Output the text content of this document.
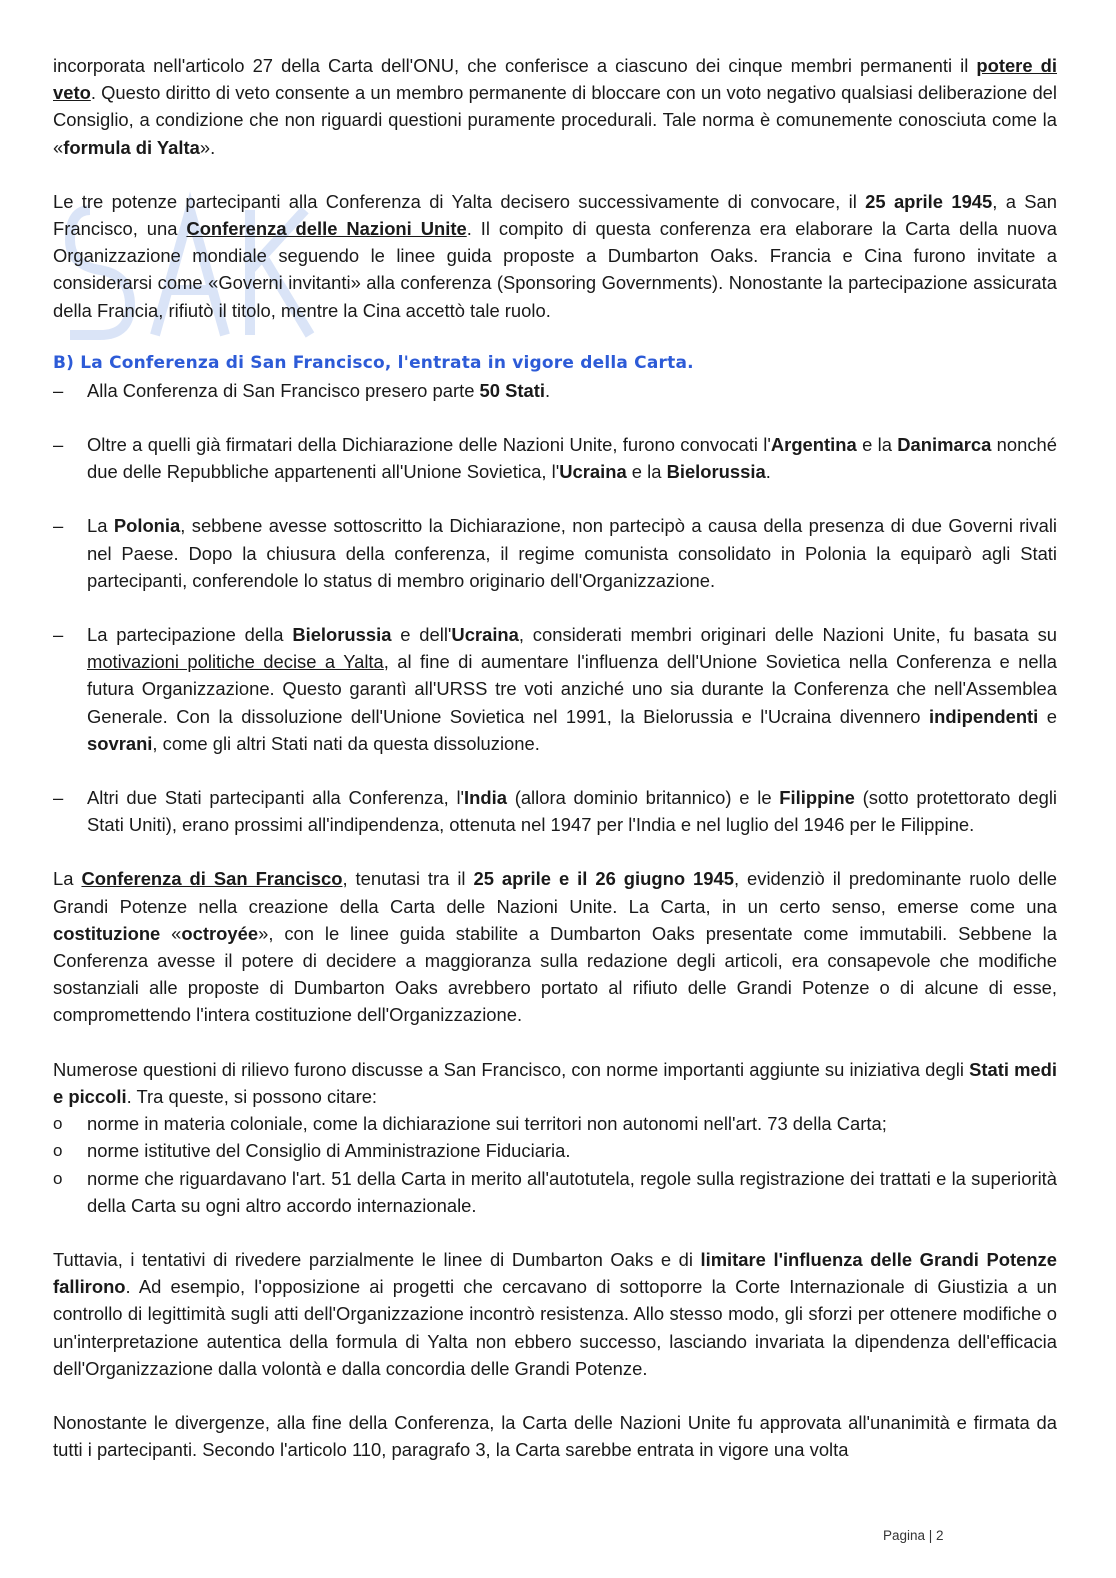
incorporata nell'articolo 27 della Carta dell'ONU, che conferisce a ciascuno dei cinque membri permanenti il potere di veto. Questo diritto di veto consente a un membro permanente di bloccare con un voto negativo qualsiasi deliberazione del Consiglio, a condizione che non riguardi questioni puramente procedurali. Tale norma è comunemente conosciuta come la «formula di Yalta».

Le tre potenze partecipanti alla Conferenza di Yalta decisero successivamente di convocare, il 25 aprile 1945, a San Francisco, una Conferenza delle Nazioni Unite. Il compito di questa conferenza era elaborare la Carta della nuova Organizzazione mondiale seguendo le linee guida proposte a Dumbarton Oaks. Francia e Cina furono invitate a considerarsi come «Governi invitanti» alla conferenza (Sponsoring Governments). Nonostante la partecipazione assicurata della Francia, rifiutò il titolo, mentre la Cina accettò tale ruolo.

B) La Conferenza di San Francisco, l'entrata in vigore della Carta.
– Alla Conferenza di San Francisco presero parte 50 Stati.
– Oltre a quelli già firmatari della Dichiarazione delle Nazioni Unite, furono convocati l'Argentina e la Danimarca nonché due delle Repubbliche appartenenti all'Unione Sovietica, l'Ucraina e la Bielorussia.
– La Polonia, sebbene avesse sottoscritto la Dichiarazione, non partecipò a causa della presenza di due Governi rivali nel Paese. Dopo la chiusura della conferenza, il regime comunista consolidato in Polonia la equiparò agli Stati partecipanti, conferendole lo status di membro originario dell'Organizzazione.
– La partecipazione della Bielorussia e dell'Ucraina, considerati membri originari delle Nazioni Unite, fu basata su motivazioni politiche decise a Yalta, al fine di aumentare l'influenza dell'Unione Sovietica nella Conferenza e nella futura Organizzazione. Questo garantì all'URSS tre voti anziché uno sia durante la Conferenza che nell'Assemblea Generale. Con la dissoluzione dell'Unione Sovietica nel 1991, la Bielorussia e l'Ucraina divennero indipendenti e sovrani, come gli altri Stati nati da questa dissoluzione.
– Altri due Stati partecipanti alla Conferenza, l'India (allora dominio britannico) e le Filippine (sotto protettorato degli Stati Uniti), erano prossimi all'indipendenza, ottenuta nel 1947 per l'India e nel luglio del 1946 per le Filippine.

La Conferenza di San Francisco, tenutasi tra il 25 aprile e il 26 giugno 1945, evidenziò il predominante ruolo delle Grandi Potenze nella creazione della Carta delle Nazioni Unite. La Carta, in un certo senso, emerse come una costituzione «octroyée», con le linee guida stabilite a Dumbarton Oaks presentate come immutabili. Sebbene la Conferenza avesse il potere di decidere a maggioranza sulla redazione degli articoli, era consapevole che modifiche sostanziali alle proposte di Dumbarton Oaks avrebbero portato al rifiuto delle Grandi Potenze o di alcune di esse, compromettendo l'intera costituzione dell'Organizzazione.

Numerose questioni di rilievo furono discusse a San Francisco, con norme importanti aggiunte su iniziativa degli Stati medi e piccoli. Tra queste, si possono citare:

o norme in materia coloniale, come la dichiarazione sui territori non autonomi nell'art. 73 della Carta;
o norme istitutive del Consiglio di Amministrazione Fiduciaria.
o norme che riguardavano l'art. 51 della Carta in merito all'autotutela, regole sulla registrazione dei trattati e la superiorità della Carta su ogni altro accordo internazionale.

Tuttavia, i tentativi di rivedere parzialmente le linee di Dumbarton Oaks e di limitare l'influenza delle Grandi Potenze fallirono. Ad esempio, l'opposizione ai progetti che cercavano di sottoporre la Corte Internazionale di Giustizia a un controllo di legittimità sugli atti dell'Organizzazione incontrò resistenza. Allo stesso modo, gli sforzi per ottenere modifiche o un'interpretazione autentica della formula di Yalta non ebbero successo, lasciando invariata la dipendenza dell'efficacia dell'Organizzazione dalla volontà e dalla concordia delle Grandi Potenze.

Nonostante le divergenze, alla fine della Conferenza, la Carta delle Nazioni Unite fu approvata all'unanimità e firmata da tutti i partecipanti. Secondo l'articolo 110, paragrafo 3, la Carta sarebbe entrata in vigore una volta

Pagina | 2
